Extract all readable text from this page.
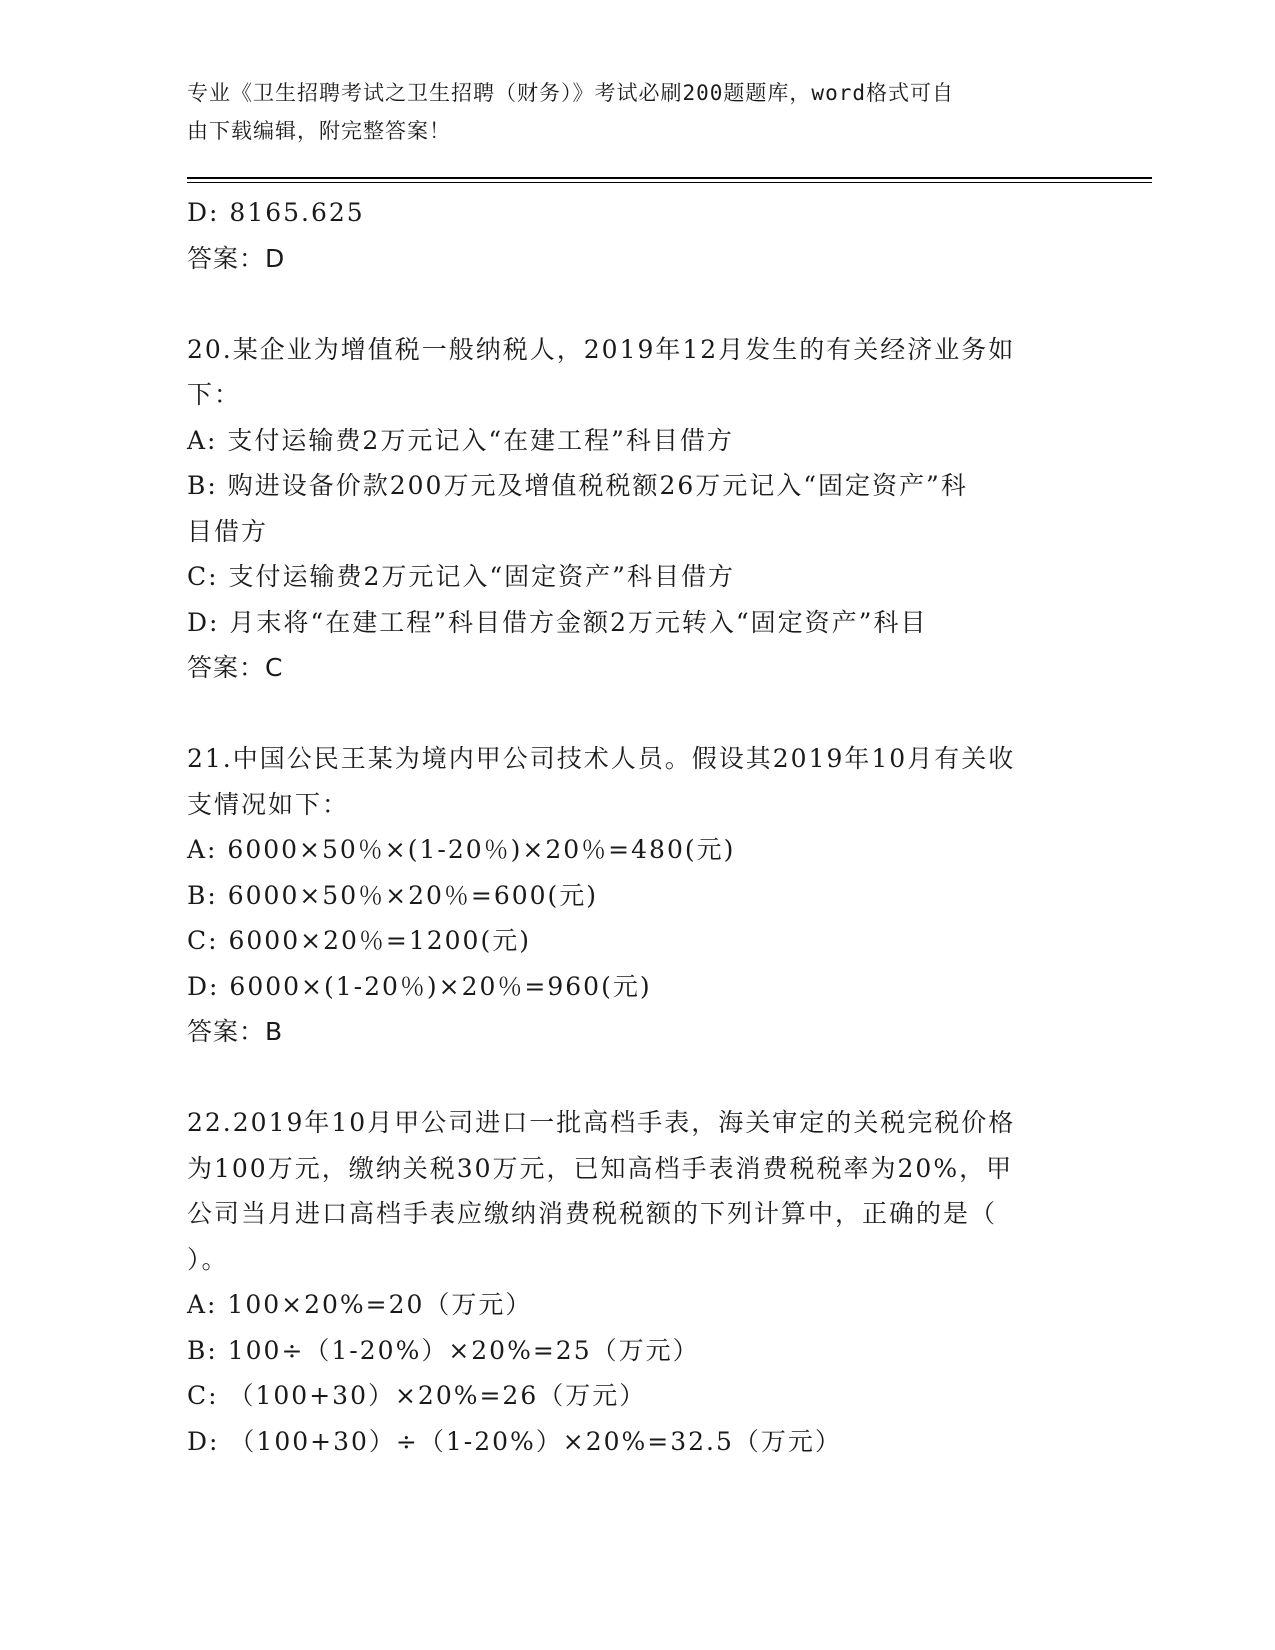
专业《卫生招聘考试之卫生招聘（财务）》考试必刷200题题库，word格式可自
由下载编辑，附完整答案！
D: 8165.625
答案：D
20.某企业为增值税一般纳税人，2019年12月发生的有关经济业务如
下：
A: 支付运输费2万元记入“在建工程”科目借方
B: 购进设备价款200万元及增值税税额26万元记入“固定资产”科
目借方
C: 支付运输费2万元记入“固定资产”科目借方
D: 月末将“在建工程”科目借方金额2万元转入“固定资产”科目
答案：C
21.中国公民王某为境内甲公司技术人员。假设其2019年10月有关收
支情况如下：
A: 6000×50％×(1-20％)×20％=480(元)
B: 6000×50％×20％=600(元)
C: 6000×20％=1200(元)
D: 6000×(1-20％)×20％=960(元)
答案：B
22.2019年10月甲公司进口一批高档手表，海关审定的关税完税价格
为100万元，缴纳关税30万元，已知高档手表消费税税率为20%，甲
公司当月进口高档手表应缴纳消费税税额的下列计算中，正确的是（
）。
A: 100×20%=20（万元）
B: 100÷（1-20%）×20%=25（万元）
C: （100+30）×20%=26（万元）
D: （100+30）÷（1-20%）×20%=32.5（万元）
